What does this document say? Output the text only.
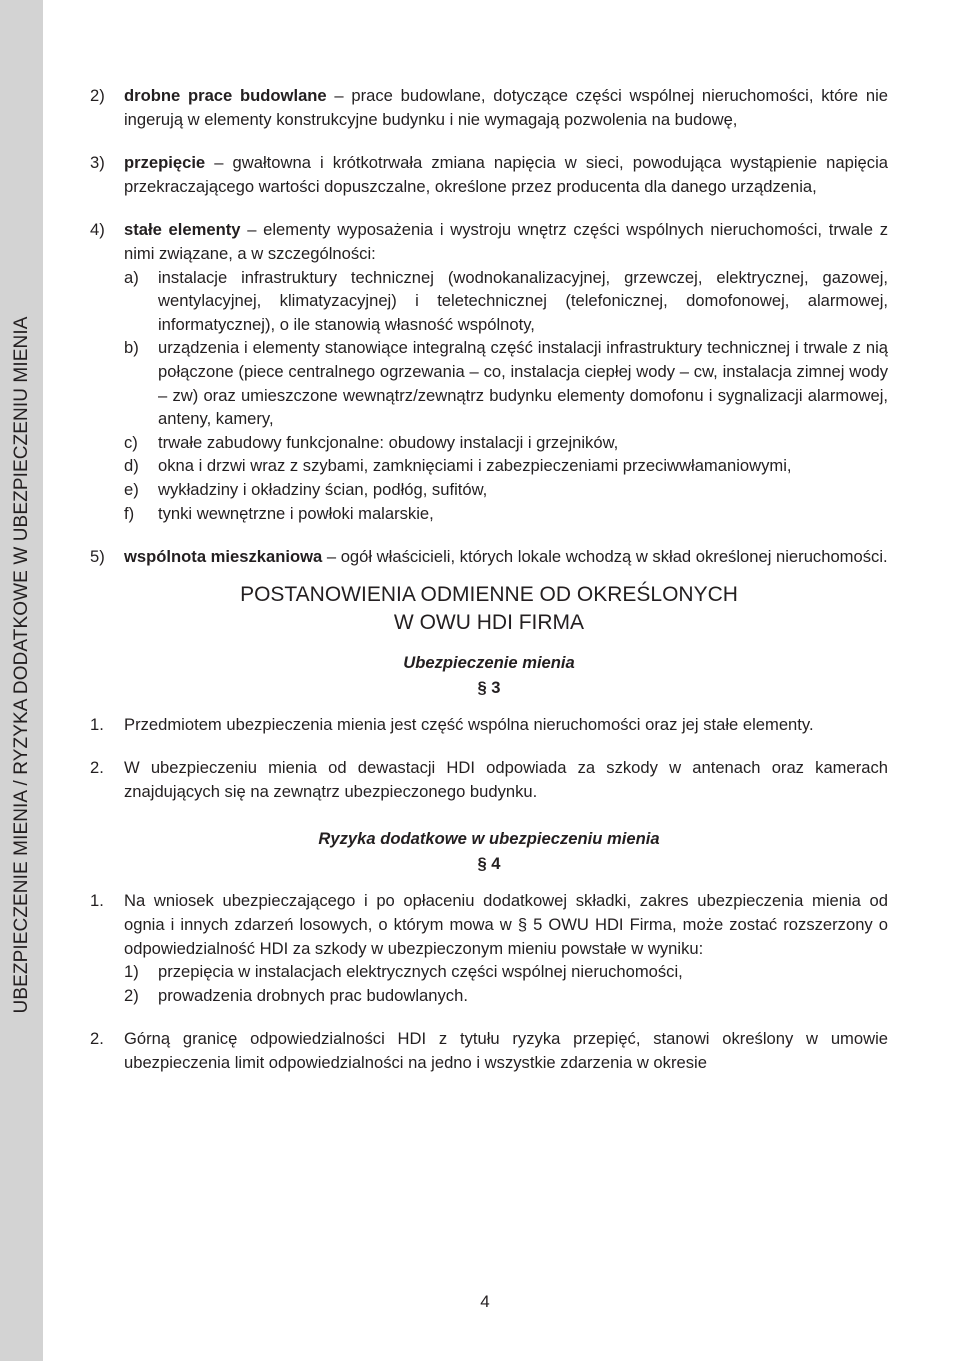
UBEZPIECZENIE MIENIA / RYZYKA DODATKOWE W UBEZPIECZENIU MIENIA
2)	drobne prace budowlane – prace budowlane, dotyczące części wspólnej nieruchomości, które nie ingerują w elementy konstrukcyjne budynku i nie wymagają pozwolenia na budowę,
3)	przepięcie – gwałtowna i krótkotrwała zmiana napięcia w sieci, powodująca wystąpienie napięcia przekraczającego wartości dopuszczalne, określone przez producenta dla danego urządzenia,
4)	stałe elementy – elementy wyposażenia i wystroju wnętrz części wspólnych nieruchomości, trwale z nimi związane, a w szczególności:
a)	instalacje infrastruktury technicznej (wodnokanalizacyjnej, grzewczej, elektrycznej, gazowej, wentylacyjnej, klimatyzacyjnej) i teletechnicznej (telefonicznej, domofonowej, alarmowej, informatycznej), o ile stanowią własność wspólnoty,
b)	urządzenia i elementy stanowiące integralną część instalacji infrastruktury technicznej i trwale z nią połączone (piece centralnego ogrzewania – co, instalacja ciepłej wody – cw, instalacja zimnej wody – zw) oraz umieszczone wewnątrz/zewnątrz budynku elementy domofonu i sygnalizacji alarmowej, anteny, kamery,
c)	trwałe zabudowy funkcjonalne: obudowy instalacji i grzejników,
d)	okna i drzwi wraz z szybami, zamknięciami i zabezpieczeniami przeciwwłamaniowymi,
e)	wykładziny i okładziny ścian, podłóg, sufitów,
f)	tynki wewnętrzne i powłoki malarskie,
5)	wspólnota mieszkaniowa – ogół właścicieli, których lokale wchodzą w skład określonej nieruchomości.
POSTANOWIENIA ODMIENNE OD OKREŚLONYCH
W OWU HDI FIRMA
Ubezpieczenie mienia
§ 3
1.	Przedmiotem ubezpieczenia mienia jest część wspólna nieruchomości oraz jej stałe elementy.
2.	W ubezpieczeniu mienia od dewastacji HDI odpowiada za szkody w antenach oraz kamerach znajdujących się na zewnątrz ubezpieczonego budynku.
Ryzyka dodatkowe w ubezpieczeniu mienia
§ 4
1.	Na wniosek ubezpieczającego i po opłaceniu dodatkowej składki, zakres ubezpieczenia mienia od ognia i innych zdarzeń losowych, o którym mowa w § 5 OWU HDI Firma, może zostać rozszerzony o odpowiedzialność HDI za szkody w ubezpieczonym mieniu powstałe w wyniku:
1)	przepięcia w instalacjach elektrycznych części wspólnej nieruchomości,
2)	prowadzenia drobnych prac budowlanych.
2.	Górną granicę odpowiedzialności HDI z tytułu ryzyka przepięć, stanowi określony w umowie ubezpieczenia limit odpowiedzialności na jedno i wszystkie zdarzenia w okresie
4
